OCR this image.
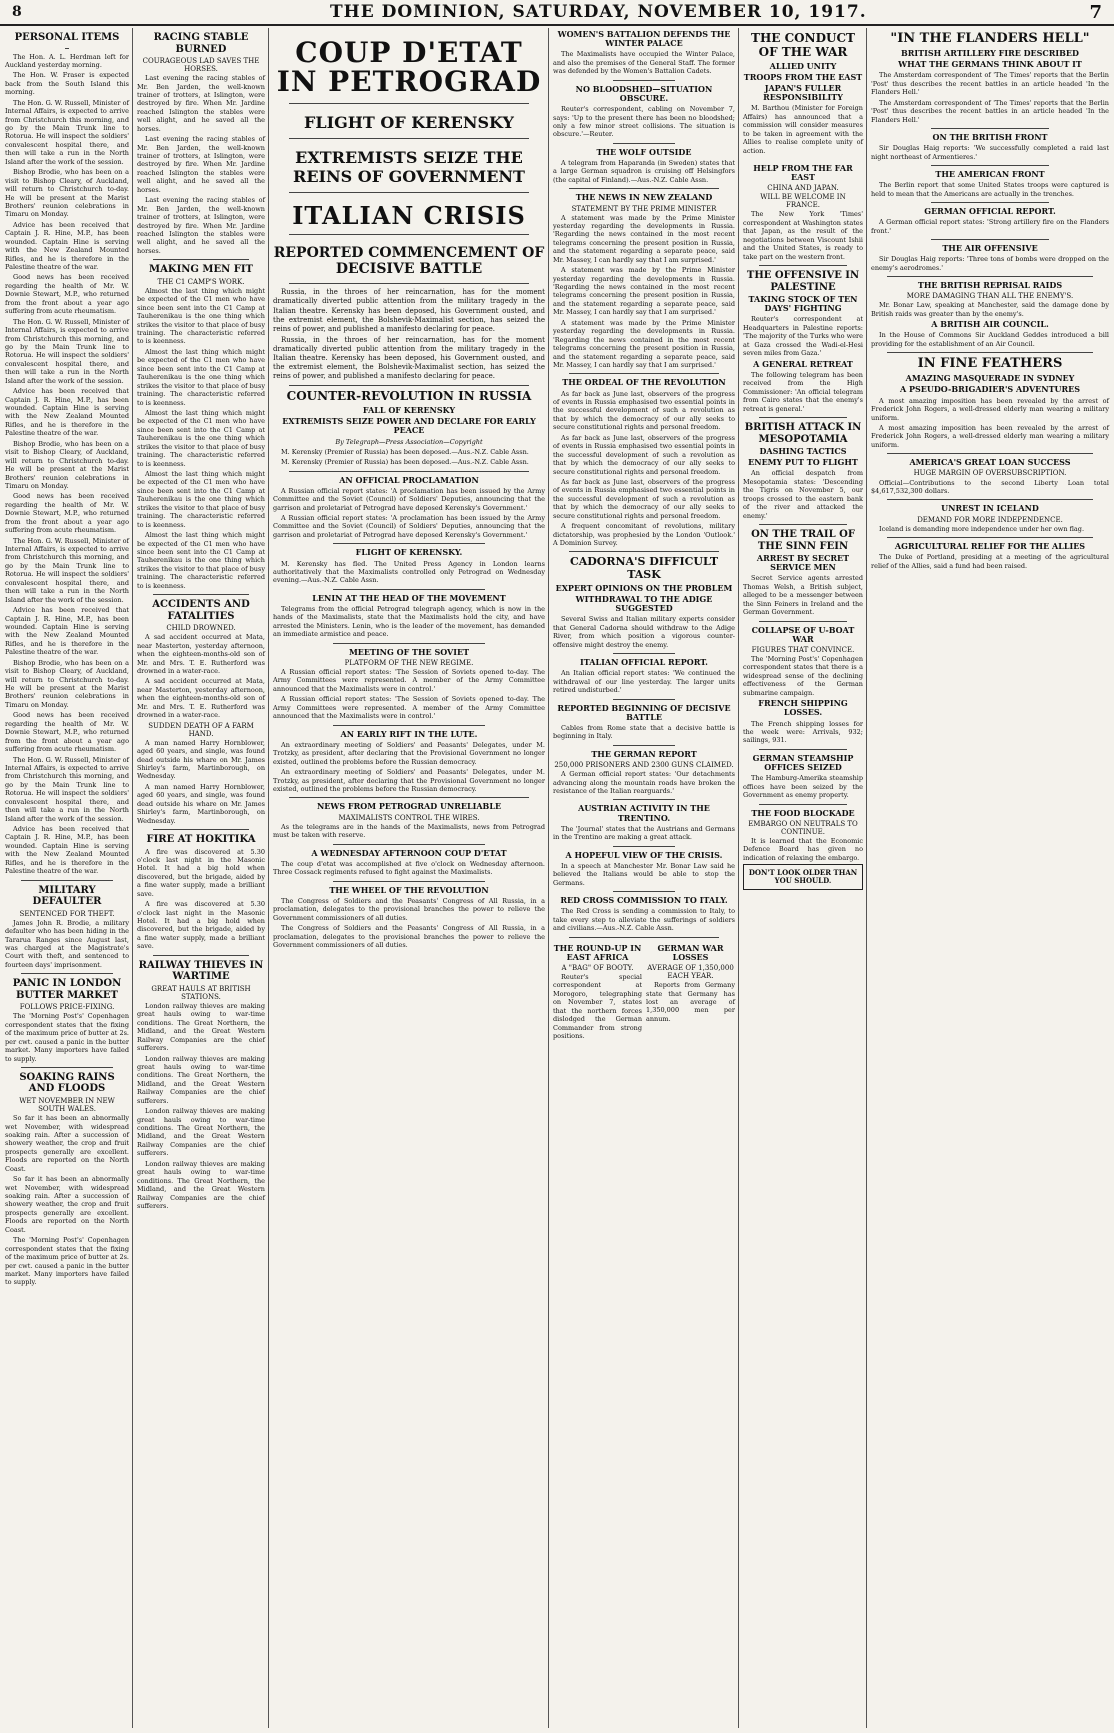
8	THE DOMINION, SATURDAY, NOVEMBER 10, 1917.	7
PERSONAL ITEMS

The Hon. A. L. Herdman left for Auckland yesterday morning.

The Hon. W. Fraser is expected back from the South Island this morning.

The Hon. G. W. Russell, Minister of Internal Affairs, is expected to arrive from Christchurch this morning, and go by the Main Trunk line to Rotorua. He will inspect the soldiers' convalescent hospital there, and then will take a run in the North Island after the work of the session.

Bishop Brodie, who has been on a visit to Bishop Cleary, of Auckland, will return to Christchurch to-day. He will be present at the Marist Brothers' reunion celebrations in Timaru on Monday.

Advice has been received that Captain J. R. Hine, M.P., has been wounded. Captain Hine is serving with the New Zealand Mounted Rifles, and he is therefore in the Palestine theatre of the war.

Good news has been received regarding the health of Mr. W. Downie Stewart, M.P., who returned from the front about a year ago suffering from acute rheumatism.

The Hon. G. W. Russell, Minister of Internal Affairs, is expected to arrive from Christchurch this morning, and go by the Main Trunk line to Rotorua. He will inspect the soldiers' convalescent hospital there, and then will take a run in the North Island after the work of the session.

Advice has been received that Captain J. R. Hine, M.P., has been wounded. Captain Hine is serving with the New Zealand Mounted Rifles, and he is therefore in the Palestine theatre of the war.

Bishop Brodie, who has been on a visit to Bishop Cleary, of Auckland, will return to Christchurch to-day. He will be present at the Marist Brothers' reunion celebrations in Timaru on Monday.

Good news has been received regarding the health of Mr. W. Downie Stewart, M.P., who returned from the front about a year ago suffering from acute rheumatism.

The Hon. G. W. Russell, Minister of Internal Affairs, is expected to arrive from Christchurch this morning, and go by the Main Trunk line to Rotorua. He will inspect the soldiers' convalescent hospital there, and then will take a run in the North Island after the work of the session.

Advice has been received that Captain J. R. Hine, M.P., has been wounded. Captain Hine is serving with the New Zealand Mounted Rifles, and he is therefore in the Palestine theatre of the war.

Bishop Brodie, who has been on a visit to Bishop Cleary, of Auckland, will return to Christchurch to-day. He will be present at the Marist Brothers' reunion celebrations in Timaru on Monday.

Good news has been received regarding the health of Mr. W. Downie Stewart, M.P., who returned from the front about a year ago suffering from acute rheumatism.

The Hon. G. W. Russell, Minister of Internal Affairs, is expected to arrive from Christchurch this morning, and go by the Main Trunk line to Rotorua. He will inspect the soldiers' convalescent hospital there, and then will take a run in the North Island after the work of the session.

Advice has been received that Captain J. R. Hine, M.P., has been wounded. Captain Hine is serving with the New Zealand Mounted Rifles, and he is therefore in the Palestine theatre of the war.

MILITARY DEFAULTER
SENTENCED FOR THEFT.

James John R. Brodie, a military defaulter who has been hiding in the Tararua Ranges since August last, was charged at the Magistrate's Court with theft, and sentenced to fourteen days' imprisonment.

PANIC IN LONDON BUTTER MARKET
FOLLOWS PRICE-FIXING.

The 'Morning Post's' Copenhagen correspondent states that the fixing of the maximum price of butter at 2s. per cwt. caused a panic in the butter market. Many importers have failed to supply.

SOAKING RAINS AND FLOODS
WET NOVEMBER IN NEW SOUTH WALES.

So far it has been an abnormally wet November, with widespread soaking rain. After a succession of showery weather, the crop and fruit prospects generally are excellent. Floods are reported on the North Coast.

So far it has been an abnormally wet November, with widespread soaking rain. After a succession of showery weather, the crop and fruit prospects generally are excellent. Floods are reported on the North Coast.

The 'Morning Post's' Copenhagen correspondent states that the fixing of the maximum price of butter at 2s. per cwt. caused a panic in the butter market. Many importers have failed to supply.

RACING STABLE BURNED
COURAGEOUS LAD SAVES THE HORSES.

Last evening the racing stables of Mr. Ben Jarden, the well-known trainer of trotters, at Islington, were destroyed by fire. When Mr. Jardine reached Islington the stables were well alight, and he saved all the horses.

Last evening the racing stables of Mr. Ben Jarden, the well-known trainer of trotters, at Islington, were destroyed by fire. When Mr. Jardine reached Islington the stables were well alight, and he saved all the horses.

Last evening the racing stables of Mr. Ben Jarden, the well-known trainer of trotters, at Islington, were destroyed by fire. When Mr. Jardine reached Islington the stables were well alight, and he saved all the horses.

MAKING MEN FIT
THE C1 CAMP'S WORK.

Almost the last thing which might be expected of the C1 men who have since been sent into the C1 Camp at Tauherenikau is the one thing which strikes the visitor to that place of busy training. The characteristic referred to is keenness.

Almost the last thing which might be expected of the C1 men who have since been sent into the C1 Camp at Tauherenikau is the one thing which strikes the visitor to that place of busy training. The characteristic referred to is keenness.

Almost the last thing which might be expected of the C1 men who have since been sent into the C1 Camp at Tauherenikau is the one thing which strikes the visitor to that place of busy training. The characteristic referred to is keenness.

Almost the last thing which might be expected of the C1 men who have since been sent into the C1 Camp at Tauherenikau is the one thing which strikes the visitor to that place of busy training. The characteristic referred to is keenness.

Almost the last thing which might be expected of the C1 men who have since been sent into the C1 Camp at Tauherenikau is the one thing which strikes the visitor to that place of busy training. The characteristic referred to is keenness.

ACCIDENTS AND FATALITIES
CHILD DROWNED.

A sad accident occurred at Mata, near Masterton, yesterday afternoon, when the eighteen-months-old son of Mr. and Mrs. T. E. Rutherford was drowned in a water-race.

A sad accident occurred at Mata, near Masterton, yesterday afternoon, when the eighteen-months-old son of Mr. and Mrs. T. E. Rutherford was drowned in a water-race.

SUDDEN DEATH OF A FARM HAND.

A man named Harry Hornblower, aged 60 years, and single, was found dead outside his whare on Mr. James Shirley's farm, Martinborough, on Wednesday.

A man named Harry Hornblower, aged 60 years, and single, was found dead outside his whare on Mr. James Shirley's farm, Martinborough, on Wednesday.

FIRE AT HOKITIKA

A fire was discovered at 5.30 o'clock last night in the Masonic Hotel. It had a big hold when discovered, but the brigade, aided by a fine water supply, made a brilliant save.

A fire was discovered at 5.30 o'clock last night in the Masonic Hotel. It had a big hold when discovered, but the brigade, aided by a fine water supply, made a brilliant save.

RAILWAY THIEVES IN WARTIME
GREAT HAULS AT BRITISH STATIONS.

London railway thieves are making great hauls owing to war-time conditions. The Great Northern, the Midland, and the Great Western Railway Companies are the chief sufferers.

London railway thieves are making great hauls owing to war-time conditions. The Great Northern, the Midland, and the Great Western Railway Companies are the chief sufferers.

London railway thieves are making great hauls owing to war-time conditions. The Great Northern, the Midland, and the Great Western Railway Companies are the chief sufferers.

London railway thieves are making great hauls owing to war-time conditions. The Great Northern, the Midland, and the Great Western Railway Companies are the chief sufferers.

COUP D'ETAT IN PETROGRAD
FLIGHT OF KERENSKY
EXTREMISTS SEIZE THE REINS OF GOVERNMENT
ITALIAN CRISIS
REPORTED COMMENCEMENT OF DECISIVE BATTLE

Russia, in the throes of her reincarnation, has for the moment dramatically diverted public attention from the military tragedy in the Italian theatre. Kerensky has been deposed, his Government ousted, and the extremist element, the Bolshevik-Maximalist section, has seized the reins of power, and published a manifesto declaring for peace.

Russia, in the throes of her reincarnation, has for the moment dramatically diverted public attention from the military tragedy in the Italian theatre. Kerensky has been deposed, his Government ousted, and the extremist element, the Bolshevik-Maximalist section, has seized the reins of power, and published a manifesto declaring for peace.

COUNTER-REVOLUTION IN RUSSIA
FALL OF KERENSKY
EXTREMISTS SEIZE POWER AND DECLARE FOR EARLY PEACE
By Telegraph—Press Association—Copyright

M. Kerensky (Premier of Russia) has been deposed.—Aus.-N.Z. Cable Assn.

M. Kerensky (Premier of Russia) has been deposed.—Aus.-N.Z. Cable Assn.

AN OFFICIAL PROCLAMATION

A Russian official report states: 'A proclamation has been issued by the Army Committee and the Soviet (Council) of Soldiers' Deputies, announcing that the garrison and proletariat of Petrograd have deposed Kerensky's Government.'

A Russian official report states: 'A proclamation has been issued by the Army Committee and the Soviet (Council) of Soldiers' Deputies, announcing that the garrison and proletariat of Petrograd have deposed Kerensky's Government.'

FLIGHT OF KERENSKY.

M. Kerensky has fled. The United Press Agency in London learns authoritatively that the Maximalists controlled only Petrograd on Wednesday evening.—Aus.-N.Z. Cable Assn.

LENIN AT THE HEAD OF THE MOVEMENT

Telegrams from the official Petrograd telegraph agency, which is now in the hands of the Maximalists, state that the Maximalists hold the city, and have arrested the Ministers. Lenin, who is the leader of the movement, has demanded an immediate armistice and peace.

MEETING OF THE SOVIET
PLATFORM OF THE NEW REGIME.

A Russian official report states: 'The Session of Soviets opened to-day. The Army Committees were represented. A member of the Army Committee announced that the Maximalists were in control.'

A Russian official report states: 'The Session of Soviets opened to-day. The Army Committees were represented. A member of the Army Committee announced that the Maximalists were in control.'

AN EARLY RIFT IN THE LUTE.

An extraordinary meeting of Soldiers' and Peasants' Delegates, under M. Trotzky, as president, after declaring that the Provisional Government no longer existed, outlined the problems before the Russian democracy.

An extraordinary meeting of Soldiers' and Peasants' Delegates, under M. Trotzky, as president, after declaring that the Provisional Government no longer existed, outlined the problems before the Russian democracy.

NEWS FROM PETROGRAD UNRELIABLE
MAXIMALISTS CONTROL THE WIRES.

As the telegrams are in the hands of the Maximalists, news from Petrograd must be taken with reserve.

A WEDNESDAY AFTERNOON COUP D'ETAT

The coup d'etat was accomplished at five o'clock on Wednesday afternoon. Three Cossack regiments refused to fight against the Maximalists.

THE WHEEL OF THE REVOLUTION

The Congress of Soldiers and the Peasants' Congress of All Russia, in a proclamation, delegates to the provisional branches the power to relieve the Government commissioners of all duties.

The Congress of Soldiers and the Peasants' Congress of All Russia, in a proclamation, delegates to the provisional branches the power to relieve the Government commissioners of all duties.

WOMEN'S BATTALION DEFENDS THE WINTER PALACE

The Maximalists have occupied the Winter Palace, and also the premises of the General Staff. The former was defended by the Women's Battalion Cadets.

NO BLOODSHED—SITUATION OBSCURE.

Reuter's correspondent, cabling on November 7, says: 'Up to the present there has been no bloodshed; only a few minor street collisions. The situation is obscure.'—Reuter.

THE WOLF OUTSIDE

A telegram from Haparanda (in Sweden) states that a large German squadron is cruising off Helsingfors (the capital of Finland).—Aus.-N.Z. Cable Assn.

THE NEWS IN NEW ZEALAND
STATEMENT BY THE PRIME MINISTER

A statement was made by the Prime Minister yesterday regarding the developments in Russia. 'Regarding the news contained in the most recent telegrams concerning the present position in Russia, and the statement regarding a separate peace, said Mr. Massey, I can hardly say that I am surprised.'

A statement was made by the Prime Minister yesterday regarding the developments in Russia. 'Regarding the news contained in the most recent telegrams concerning the present position in Russia, and the statement regarding a separate peace, said Mr. Massey, I can hardly say that I am surprised.'

A statement was made by the Prime Minister yesterday regarding the developments in Russia. 'Regarding the news contained in the most recent telegrams concerning the present position in Russia, and the statement regarding a separate peace, said Mr. Massey, I can hardly say that I am surprised.'

THE ORDEAL OF THE REVOLUTION

As far back as June last, observers of the progress of events in Russia emphasised two essential points in the successful development of such a revolution as that by which the democracy of our ally seeks to secure constitutional rights and personal freedom.

As far back as June last, observers of the progress of events in Russia emphasised two essential points in the successful development of such a revolution as that by which the democracy of our ally seeks to secure constitutional rights and personal freedom.

As far back as June last, observers of the progress of events in Russia emphasised two essential points in the successful development of such a revolution as that by which the democracy of our ally seeks to secure constitutional rights and personal freedom.

A frequent concomitant of revolutions, military dictatorship, was prophesied by the London 'Outlook.' A Dominion Survey.

CADORNA'S DIFFICULT TASK
EXPERT OPINIONS ON THE PROBLEM
WITHDRAWAL TO THE ADIGE SUGGESTED

Several Swiss and Italian military experts consider that General Cadorna should withdraw to the Adige River, from which position a vigorous counter-offensive might destroy the enemy.

ITALIAN OFFICIAL REPORT.

An Italian official report states: 'We continued the withdrawal of our line yesterday. The larger units retired undisturbed.'

REPORTED BEGINNING OF DECISIVE BATTLE

Cables from Rome state that a decisive battle is beginning in Italy.

THE GERMAN REPORT
250,000 PRISONERS AND 2300 GUNS CLAIMED.

A German official report states: 'Our detachments advancing along the mountain roads have broken the resistance of the Italian rearguards.'

AUSTRIAN ACTIVITY IN THE TRENTINO.

The 'Journal' states that the Austrians and Germans in the Trentino are making a great attack.

A HOPEFUL VIEW OF THE CRISIS.

In a speech at Manchester Mr. Bonar Law said he believed the Italians would be able to stop the Germans.

RED CROSS COMMISSION TO ITALY.

The Red Cross is sending a commission to Italy, to take every step to alleviate the sufferings of soldiers and civilians.—Aus.-N.Z. Cable Assn.

THE ROUND-UP IN EAST AFRICA
A "BAG" OF BOOTY.

Reuter's special correspondent at Morogoro, telegraphing on November 7, states that the northern forces dislodged the German Commander from strong positions.

GERMAN WAR LOSSES
AVERAGE OF 1,350,000 EACH YEAR.

Reports from Germany state that Germany has lost an average of 1,350,000 men per annum.

THE CONDUCT OF THE WAR
ALLIED UNITY
TROOPS FROM THE EAST
JAPAN'S FULLER RESPONSIBILITY

M. Barthou (Minister for Foreign Affairs) has announced that a commission will consider measures to be taken in agreement with the Allies to realise complete unity of action.

HELP FROM THE FAR EAST
CHINA AND JAPAN.
WILL BE WELCOME IN FRANCE.

The New York 'Times' correspondent at Washington states that Japan, as the result of the negotiations between Viscount Ishii and the United States, is ready to take part on the western front.

THE OFFENSIVE IN PALESTINE
TAKING STOCK OF TEN DAYS' FIGHTING

Reuter's correspondent at Headquarters in Palestine reports: 'The majority of the Turks who were at Gaza crossed the Wadi-el-Hesi seven miles from Gaza.'

A GENERAL RETREAT

The following telegram has been received from the High Commissioner: 'An official telegram from Cairo states that the enemy's retreat is general.'

BRITISH ATTACK IN MESOPOTAMIA
DASHING TACTICS
ENEMY PUT TO FLIGHT

An official despatch from Mesopotamia states: 'Descending the Tigris on November 5, our troops crossed to the eastern bank of the river and attacked the enemy.'

ON THE TRAIL OF THE SINN FEIN
ARREST BY SECRET SERVICE MEN

Secret Service agents arrested Thomas Welsh, a British subject, alleged to be a messenger between the Sinn Feiners in Ireland and the German Government.

COLLAPSE OF U-BOAT WAR
FIGURES THAT CONVINCE.

The 'Morning Post's' Copenhagen correspondent states that there is a widespread sense of the declining effectiveness of the German submarine campaign.

FRENCH SHIPPING LOSSES.

The French shipping losses for the week were: Arrivals, 932; sailings, 931.

GERMAN STEAMSHIP OFFICES SEIZED

The Hamburg-Amerika steamship offices have been seized by the Government as enemy property.

THE FOOD BLOCKADE
EMBARGO ON NEUTRALS TO CONTINUE.

It is learned that the Economic Defence Board has given no indication of relaxing the embargo.

DON'T LOOK OLDER THAN YOU SHOULD.
"IN THE FLANDERS HELL"
BRITISH ARTILLERY FIRE DESCRIBED
WHAT THE GERMANS THINK ABOUT IT

The Amsterdam correspondent of 'The Times' reports that the Berlin 'Post' thus describes the recent battles in an article headed 'In the Flanders Hell.'

The Amsterdam correspondent of 'The Times' reports that the Berlin 'Post' thus describes the recent battles in an article headed 'In the Flanders Hell.'

ON THE BRITISH FRONT

Sir Douglas Haig reports: 'We successfully completed a raid last night northeast of Armentieres.'

THE AMERICAN FRONT

The Berlin report that some United States troops were captured is held to mean that the Americans are actually in the trenches.

GERMAN OFFICIAL REPORT.

A German official report states: 'Strong artillery fire on the Flanders front.'

THE AIR OFFENSIVE

Sir Douglas Haig reports: 'Three tons of bombs were dropped on the enemy's aerodromes.'

THE BRITISH REPRISAL RAIDS
MORE DAMAGING THAN ALL THE ENEMY'S.

Mr. Bonar Law, speaking at Manchester, said the damage done by British raids was greater than by the enemy's.

A BRITISH AIR COUNCIL.

In the House of Commons Sir Auckland Geddes introduced a bill providing for the establishment of an Air Council.

IN FINE FEATHERS
AMAZING MASQUERADE IN SYDNEY
A PSEUDO-BRIGADIER'S ADVENTURES

A most amazing imposition has been revealed by the arrest of Frederick John Rogers, a well-dressed elderly man wearing a military uniform.

A most amazing imposition has been revealed by the arrest of Frederick John Rogers, a well-dressed elderly man wearing a military uniform.

AMERICA'S GREAT LOAN SUCCESS
HUGE MARGIN OF OVERSUBSCRIPTION.

Official—Contributions to the second Liberty Loan total $4,617,532,300 dollars.

UNREST IN ICELAND
DEMAND FOR MORE INDEPENDENCE.

Iceland is demanding more independence under her own flag.

AGRICULTURAL RELIEF FOR THE ALLIES

The Duke of Portland, presiding at a meeting of the agricultural relief of the Allies, said a fund had been raised.
